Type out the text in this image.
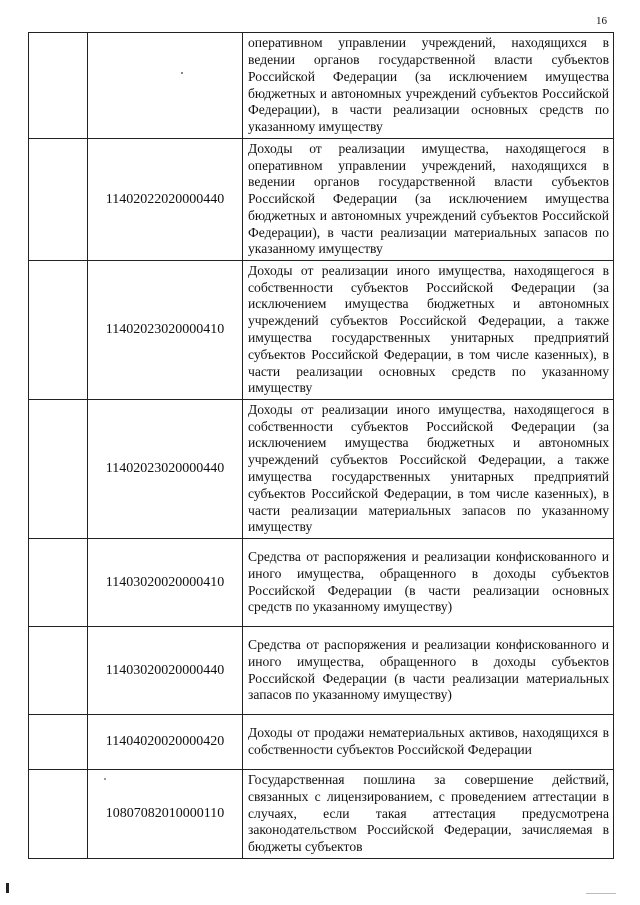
16

		оперативном управлении учреждений, находящихся в ведении органов государственной власти субъектов Российской Федерации (за исключением имущества бюджетных и автономных учреждений субъектов Российской Федерации), в части реализации основных средств по указанному имуществу

	11402022020000440	Доходы от реализации имущества, находящегося в оперативном управлении учреждений, находящихся в ведении органов государственной власти субъектов Российской Федерации (за исключением имущества бюджетных и автономных учреждений субъектов Российской Федерации), в части реализации материальных запасов по указанному имуществу

	11402023020000410	Доходы от реализации иного имущества, находящегося в собственности субъектов Российской Федерации (за исключением имущества бюджетных и автономных учреждений субъектов Российской Федерации, а также имущества государственных унитарных предприятий субъектов Российской Федерации, в том числе казенных), в части реализации основных средств по указанному имуществу

	11402023020000440	Доходы от реализации иного имущества, находящегося в собственности субъектов Российской Федерации (за исключением имущества бюджетных и автономных учреждений субъектов Российской Федерации, а также имущества государственных унитарных предприятий субъектов Российской Федерации, в том числе казенных), в части реализации материальных запасов по указанному имуществу

	11403020020000410	Средства от распоряжения и реализации конфискованного и иного имущества, обращенного в доходы субъектов Российской Федерации (в части реализации основных средств по указанному имуществу)

	11403020020000440	Средства от распоряжения и реализации конфискованного и иного имущества, обращенного в доходы субъектов Российской Федерации (в части реализации материальных запасов по указанному имуществу)

	11404020020000420	Доходы от продажи нематериальных активов, находящихся в собственности субъектов Российской Федерации

	10807082010000110	Государственная пошлина за совершение действий, связанных с лицензированием, с проведением аттестации в случаях, если такая аттестация предусмотрена законодательством Российской Федерации, зачисляемая в бюджеты субъектов
